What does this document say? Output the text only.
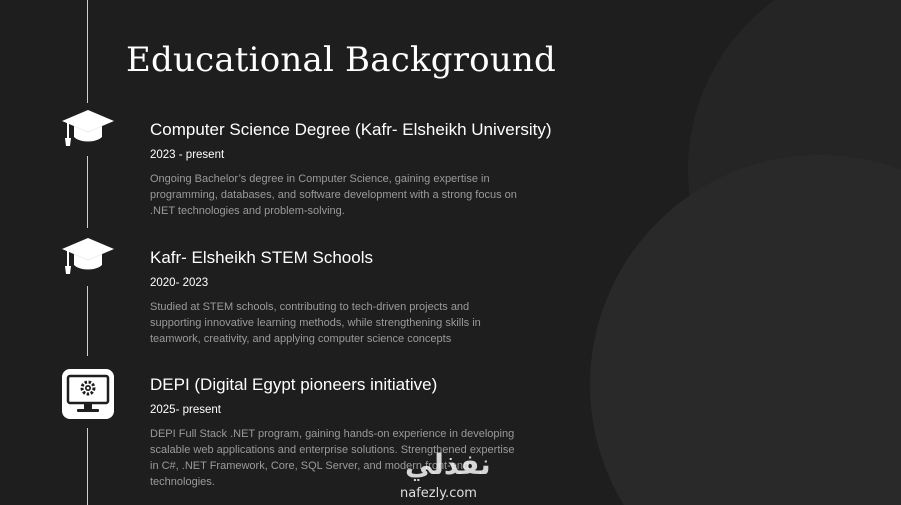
Educational Background
Computer Science Degree (Kafr- Elsheikh University)
2023 - present
Ongoing Bachelor’s degree in Computer Science, gaining expertise in programming, databases, and software development with a strong focus on .NET technologies and problem-solving.
Kafr- Elsheikh STEM Schools
2020- 2023
Studied at STEM schools, contributing to tech-driven projects and supporting innovative learning methods, while strengthening skills in teamwork, creativity, and applying computer science concepts
DEPI (Digital Egypt pioneers initiative)
2025- present
DEPI Full Stack .NET program, gaining hands-on experience in developing scalable web applications and enterprise solutions. Strengthened expertise in C#, .NET Framework, Core, SQL Server, and modern front-end technologies.
نفذلي
nafezly.com
